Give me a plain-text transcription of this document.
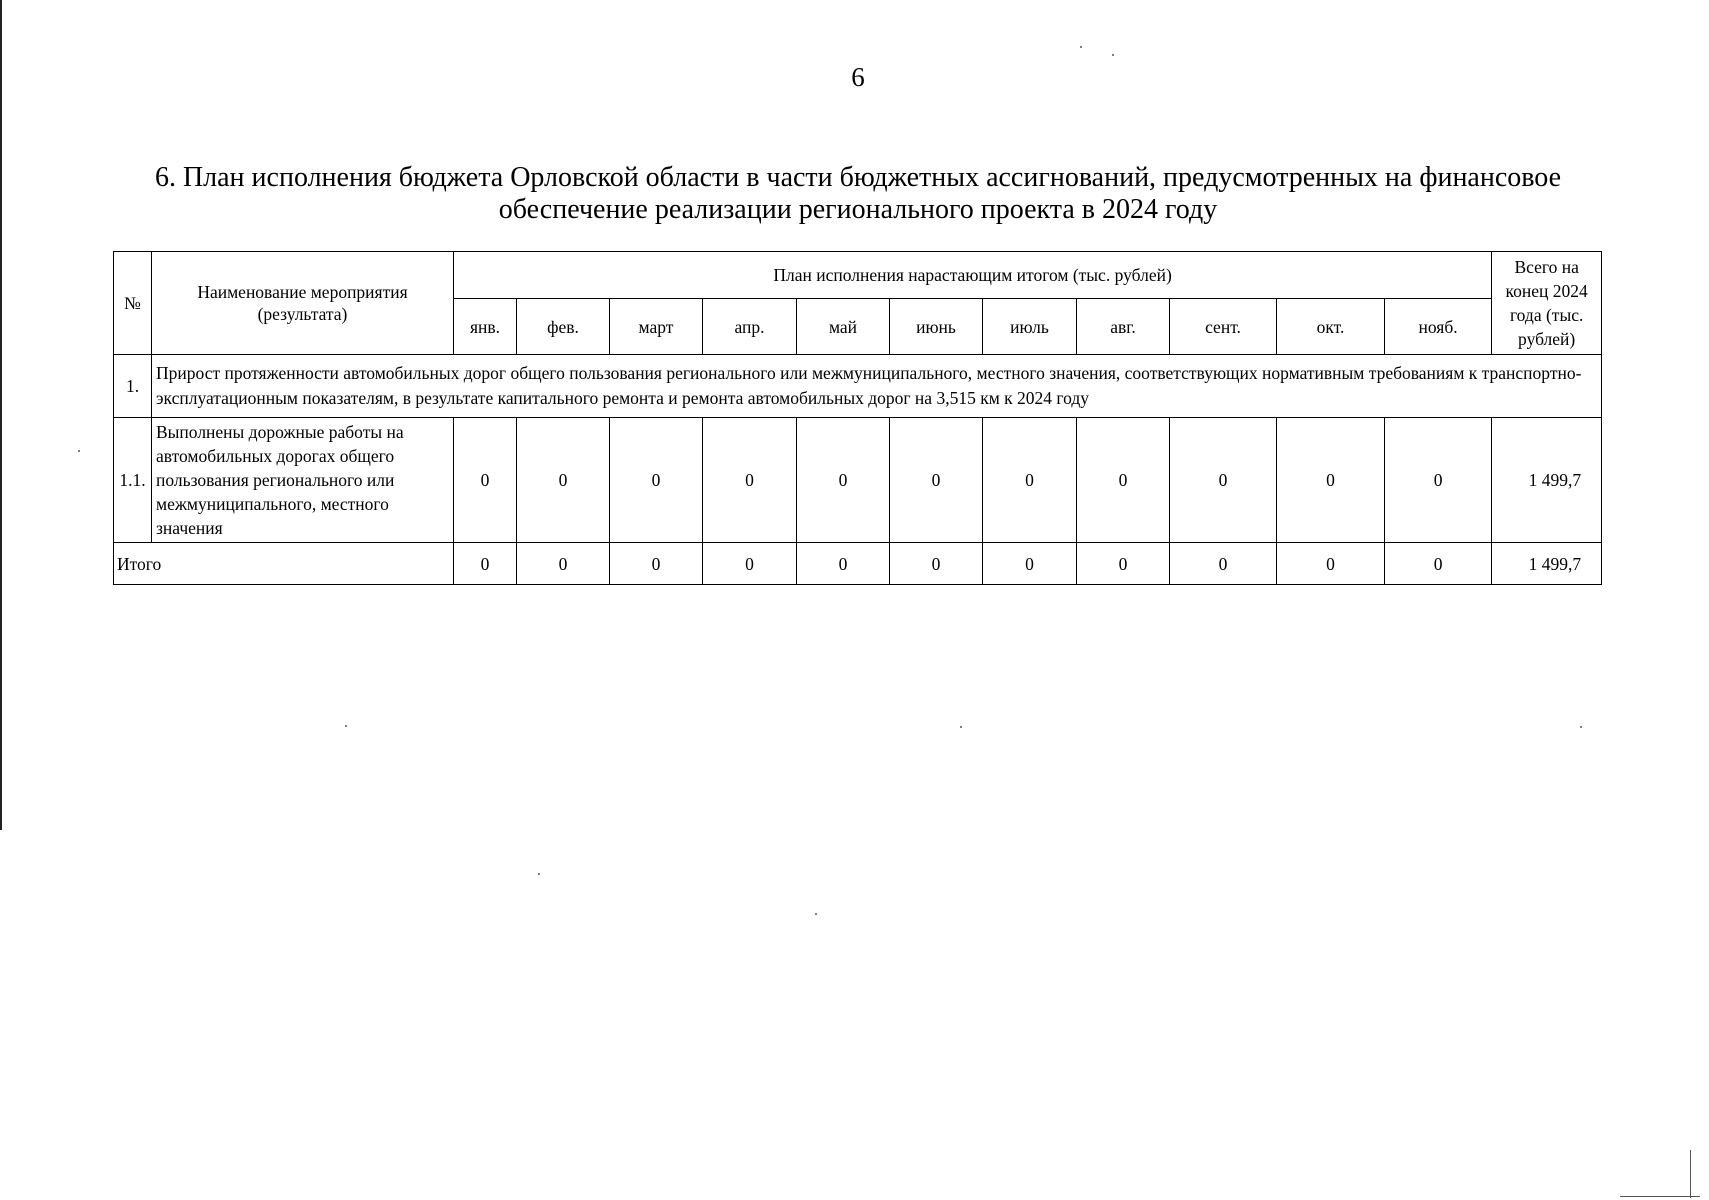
6
6. План исполнения бюджета Орловской области в части бюджетных ассигнований, предусмотренных на финансовое
обеспечение реализации регионального проекта в 2024 году
№	Наименование мероприятия (результата)	План исполнения нарастающим итогом (тыс. рублей)											Всего на конец 2024 года (тыс. рублей)
		янв.	фев.	март	апр.	май	июнь	июль	авг.	сент.	окт.	нояб.	
1.	Прирост протяженности автомобильных дорог общего пользования регионального или межмуниципального, местного значения, соответствующих нормативным требованиям к транспортно-эксплуатационным показателям, в результате капитального ремонта и ремонта автомобильных дорог на 3,515 км к 2024 году												
1.1.	Выполнены дорожные работы на автомобильных дорогах общего пользования регионального или межмуниципального, местного значения	0	0	0	0	0	0	0	0	0	0	0	1 499,7
Итого		0	0	0	0	0	0	0	0	0	0	0	1 499,7
